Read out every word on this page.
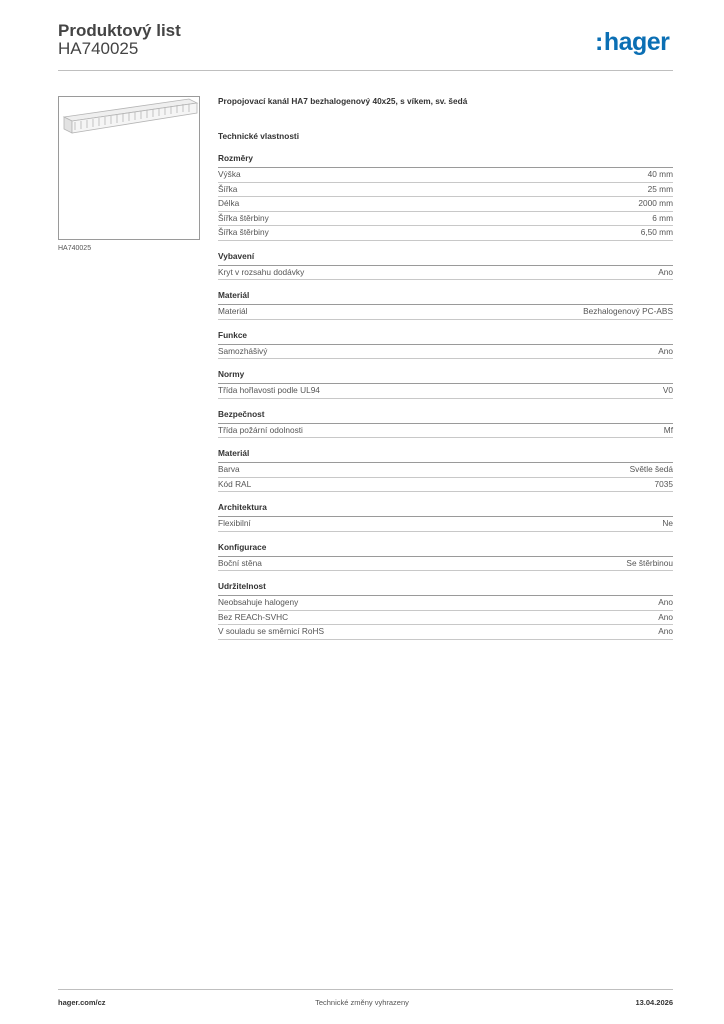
Produktový list
HA740025	:hager
HA740025
Propojovací kanál HA7 bezhalogenový 40x25, s víkem, sv. šedá
Technické vlastnosti
Rozměry
Výška	40 mm
Šířka	25 mm
Délka	2000 mm
Šířka štěrbiny	6 mm
Šířka štěrbiny	6,50 mm
Vybavení
Kryt v rozsahu dodávky	Ano
Materiál
Materiál	Bezhalogenový PC-ABS
Funkce
Samozhášivý	Ano
Normy
Třída hořlavosti podle UL94	V0
Bezpečnost
Třída požární odolnosti	Mf
Materiál
Barva	Světle šedá
Kód RAL	7035
Architektura
Flexibilní	Ne
Konfigurace
Boční stěna	Se štěrbinou
Udržitelnost
Neobsahuje halogeny	Ano
Bez REACh-SVHC	Ano
V souladu se směrnicí RoHS	Ano
hager.com/cz	Technické změny vyhrazeny	13.04.2026
